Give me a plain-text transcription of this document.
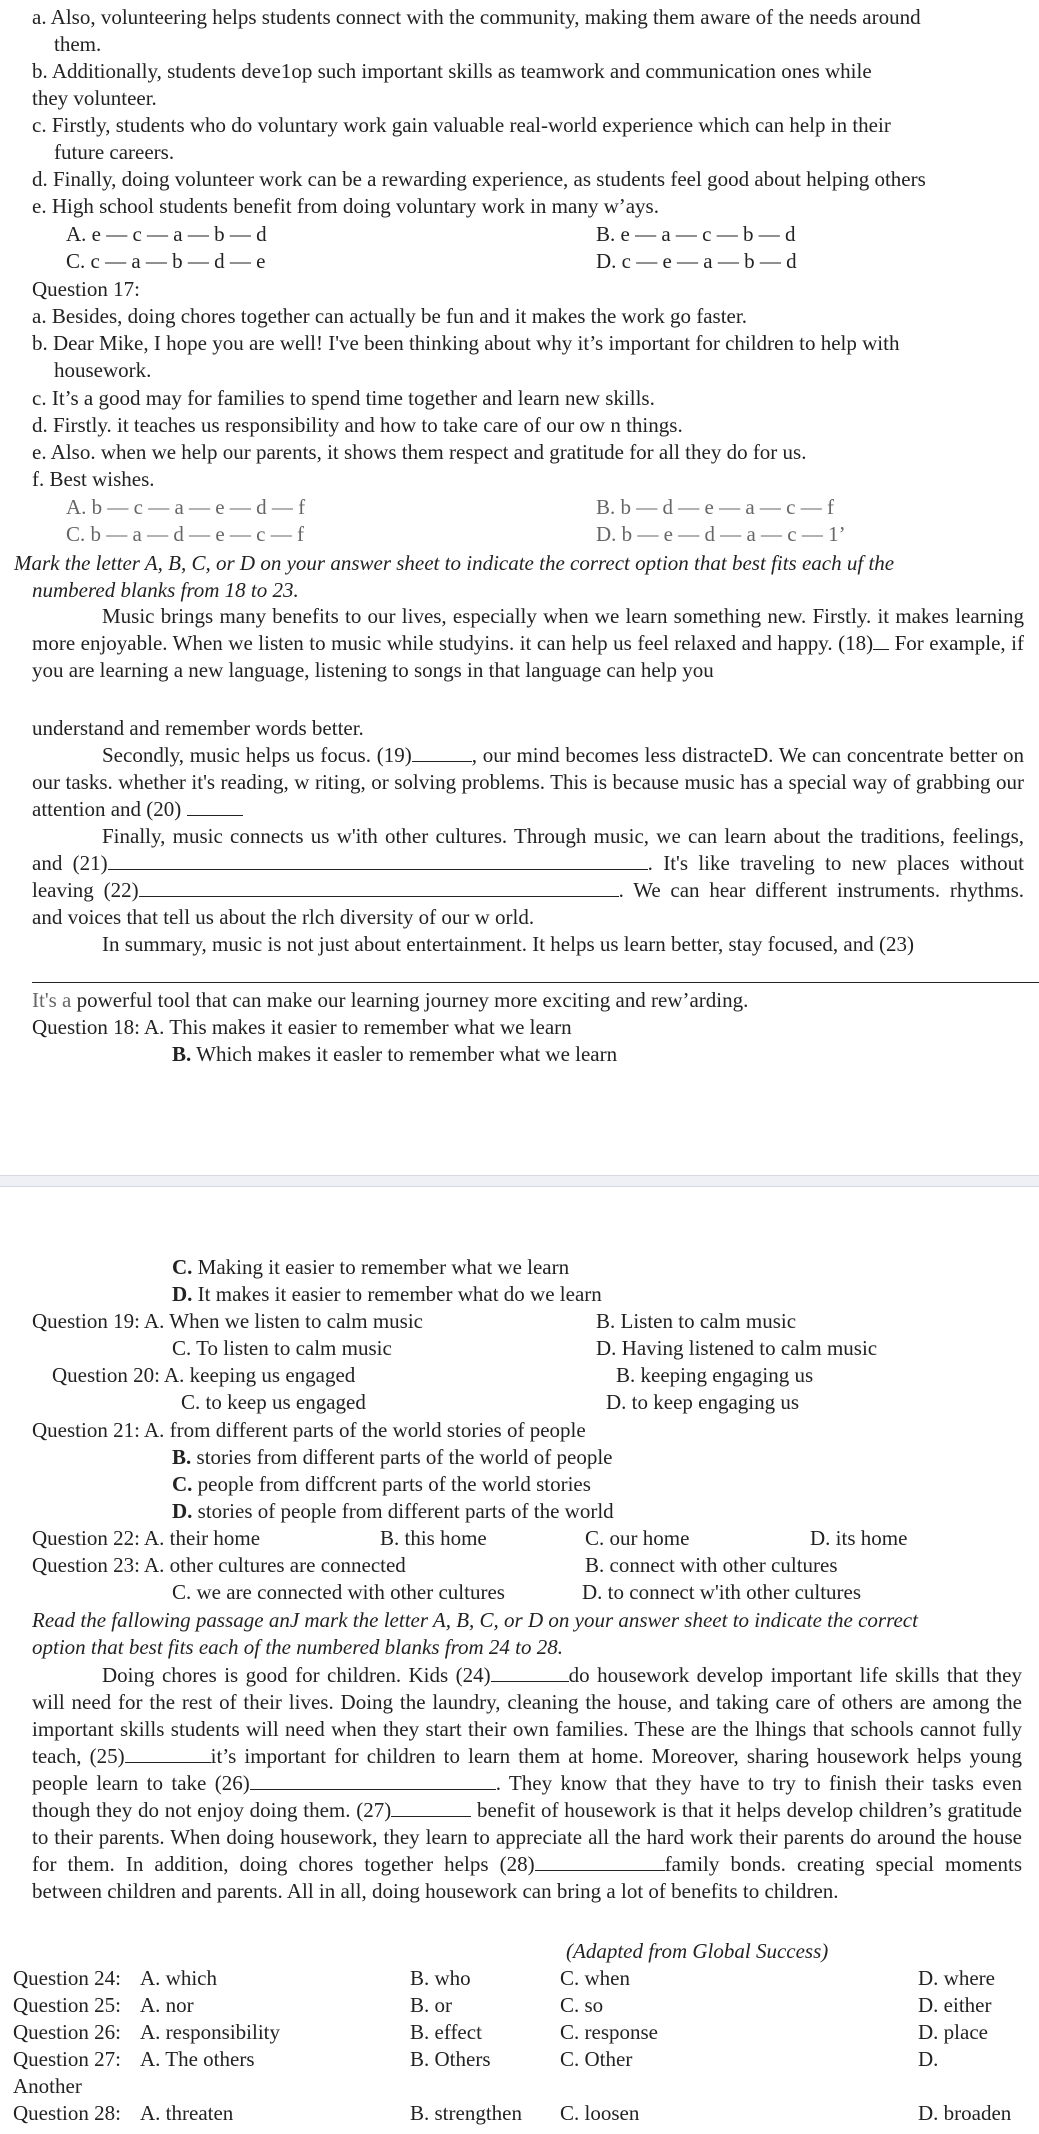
a. Also, volunteering helps students connect with the community, making them aware of the needs around
them.
b. Additionally, students deve1op such important skills as teamwork and communication ones while
they volunteer.
c. Firstly, students who do voluntary work gain valuable real-world experience which can help in their
future careers.
d. Finally, doing volunteer work can be a rewarding experience, as students feel good about helping others
e. High school students benefit from doing voluntary work in many w’ays.
A. e — c — a — b — d	B. e — a — c — b — d
C. c — a — b — d — e	D. c — e — a — b — d
Question 17:
a. Besides, doing chores together can actually be fun and it makes the work go faster.
b. Dear Mike, I hope you are well! I've been thinking about why it’s important for children to help with
housework.
c. It’s a good may for families to spend time together and learn new skills.
d. Firstly. it teaches us responsibility and how to take care of our ow n things.
e. Also. when we help our parents, it shows them respect and gratitude for all they do for us.
f. Best wishes.
A. b — c — a — e — d — f	B. b — d — e — a — c — f
C. b — a — d — e — c — f	D. b — e — d — a — c — 1’
Mark the letter A, B, C, or D on your answer sheet to indicate the correct option that best fits each uf the
numbered blanks from 18 to 23.
Music brings many benefits to our lives, especially when we learn something new. Firstly. it makes learning more enjoyable. When we listen to music while studyins. it can help us feel relaxed and happy. (18) For example, if you are learning a new language, listening to songs in that language can help you
understand and remember words better.
Secondly, music helps us focus. (19)	, our mind becomes less distracteD. We can concentrate better on our tasks. whether it's reading, w riting, or solving problems. This is because music has a special way of grabbing our attention and (20)
Finally, music connects us w'ith other cultures. Through music, we can learn about the traditions, feelings, and (21)	. It's like traveling to new places without leaving (22)	. We can hear different instruments. rhythms. and voices that tell us about the rlch diversity of our w orld.
In summary, music is not just about entertainment. It helps us learn better, stay focused, and (23)
It's a powerful tool that can make our learning journey more exciting and rew’arding.
Question 18: A. This makes it easier to remember what we learn
B. Which makes it easler to remember what we learn
C. Making it easier to remember what we learn
D. It makes it easier to remember what do we learn
Question 19: A. When we listen to calm music	B. Listen to calm music
C. To listen to calm music	D. Having listened to calm music
Question 20: A. keeping us engaged	B. keeping engaging us
C. to keep us engaged	D. to keep engaging us
Question 21: A. from different parts of the world stories of people
B. stories from different parts of the world of people
C. people from diffcrent parts of the world stories
D. stories of people from different parts of the world
Question 22: A. their home	B. this home	C. our home	D. its home
Question 23: A. other cultures are connected	B. connect with other cultures
C. we are connected with other cultures	D. to connect w'ith other cultures
Read the fallowing passage anJ mark the letter A, B, C, or D on your answer sheet to indicate the correct
option that best fits each of the numbered blanks from 24 to 28.
Doing chores is good for children. Kids (24)	do housework develop important life skills that they will need for the rest of their lives. Doing the laundry, cleaning the house, and taking care of others are among the important skills students will need when they start their own families. These are the lhings that schools cannot fully teach, (25)	it’s important for children to learn them at home. Moreover, sharing housework helps young people learn to take (26)	. They know that they have to try to finish their tasks even though they do not enjoy doing them. (27)	benefit of housework is that it helps develop children’s gratitude to their parents. When doing housework, they learn to appreciate all the hard work their parents do around the house for them. In addition, doing chores together helps (28)	family bonds. creating special moments between children and parents. All in all, doing housework can bring a lot of benefits to children.
(Adapted from Global Success)
Question 24: A. which	B. who	C. when	D. where
Question 25: A. nor	B. or	C. so	D. either
Question 26: A. responsibility	B. effect	C. response	D. place
Question 27: A. The others	B. Others	C. Other	D.
Another
Question 28: A. threaten	B. strengthen C. loosen	D. broaden
